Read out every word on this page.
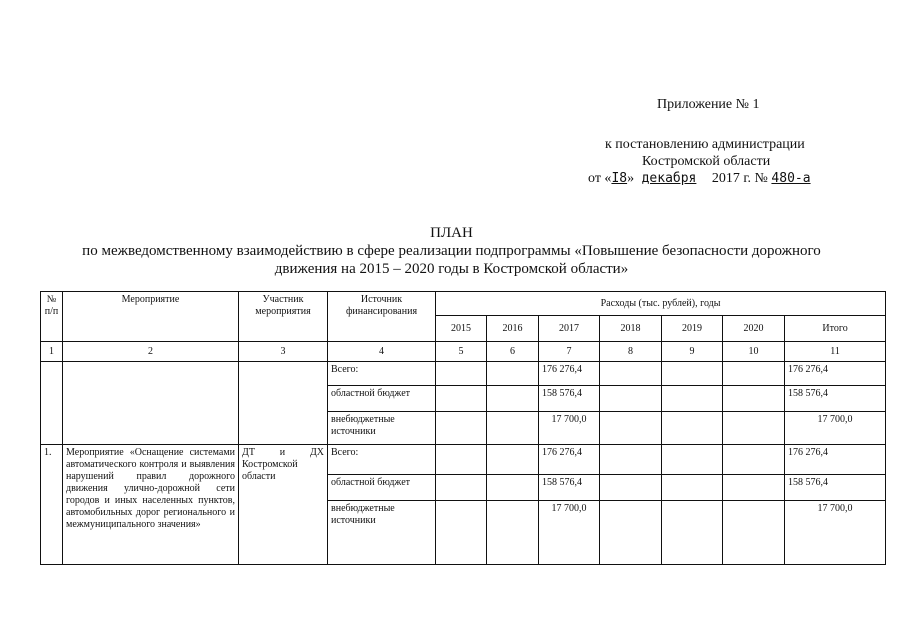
Приложение № 1
к постановлению администрации
Костромской области
от «I8» декабря 2017 г. № 480-а
ПЛАН
по межведомственному взаимодействию в сфере реализации подпрограммы «Повышение безопасности дорожного
движения на 2015 – 2020 годы в Костромской области»
№ п/п	Мероприятие	Участник мероприятия	Источник финансирования	Расходы (тыс. рублей), годы						
				2015	2016	2017	2018	2019	2020	Итого
1	2	3	4	5	6	7	8	9	10	11
			Всего:			176 276,4				176 276,4
			областной бюджет			158 576,4				158 576,4
			внебюджетные источники			17 700,0				17 700,0
1.	Мероприятие «Оснащение системами автоматического контроля и выявления нарушений правил дорожного движения улично-дорожной сети городов и иных населенных пунктов, автомобильных дорог регионального и межмуниципального значения»	ДТ и ДХ Костромской области	Всего:			176 276,4				176 276,4
			областной бюджет			158 576,4				158 576,4
			внебюджетные источники			17 700,0				17 700,0
